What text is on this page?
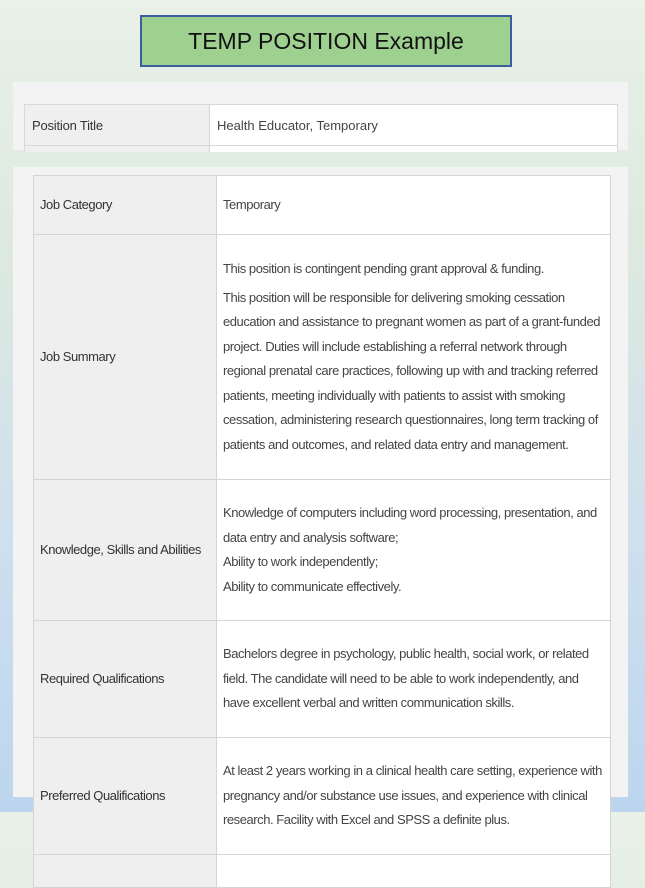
TEMP POSITION Example
Position Title	Health Educator, Temporary

Job Category	Temporary
Job Summary	This position is contingent pending grant approval & funding.

This position will be responsible for delivering smoking cessation education and assistance to pregnant women as part of a grant-funded project. Duties will include establishing a referral network through regional prenatal care practices, following up with and tracking referred patients, meeting individually with patients to assist with smoking cessation, administering research questionnaires, long term tracking of patients and outcomes, and related data entry and management.

Knowledge, Skills and Abilities	Knowledge of computers including word processing, presentation, and data entry and analysis software;
Ability to work independently;
Ability to communicate effectively.

Required Qualifications	Bachelors degree in psychology, public health, social work, or related field. The candidate will need to be able to work independently, and have excellent verbal and written communication skills.
Preferred Qualifications	At least 2 years working in a clinical health care setting, experience with pregnancy and/or substance use issues, and experience with clinical research. Facility with Excel and SPSS a definite plus.
